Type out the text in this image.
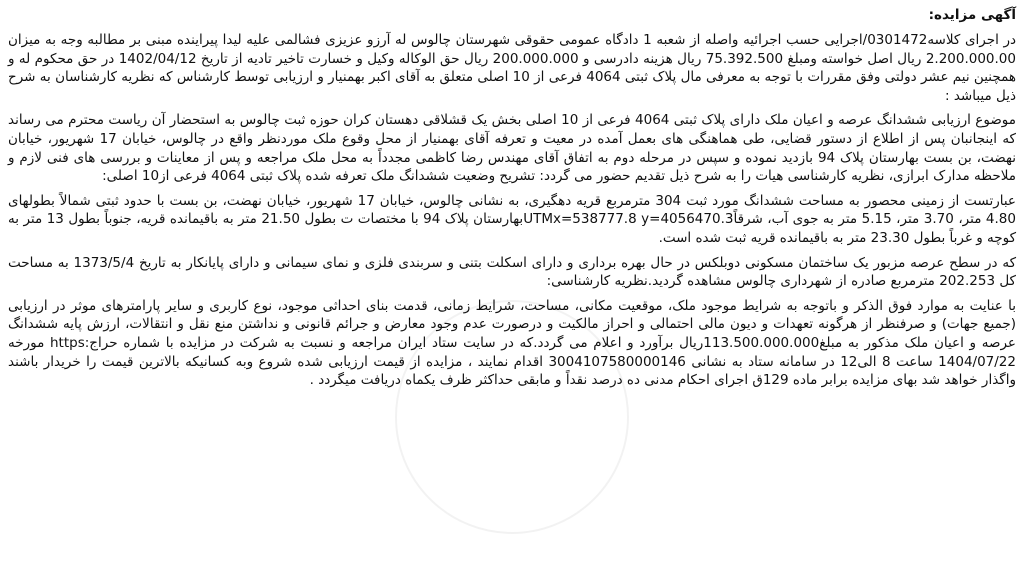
آگهی مزایده:

در اجرای کلاسه0301472/اجرایی حسب اجرائیه واصله از شعبه 1 دادگاه عمومی حقوقی شهرستان چالوس له آرزو عزیزی فشالمی علیه لیدا پیراینده مبنی بر مطالبه وجه به میزان 2.200.000.00 ریال اصل خواسته ومبلغ 75.392.500 ریال هزینه دادرسی و 200.000.000 ریال حق الوکاله وکیل و خسارت تاخیر تادیه از تاریخ 1402/04/12 در حق محکوم له و همچنین نیم عشر دولتی وفق مقررات با توجه به معرفی مال پلاک ثبتی 4064 فرعی از 10 اصلی متعلق به آقای اکبر بهمنیار و ارزیابی توسط کارشناس که نظریه کارشناسان به شرح ذیل میباشد :

موضوع ارزیابی ششدانگ عرصه و اعیان ملک دارای پلاک ثبتی 4064 فرعی از 10 اصلی بخش یک قشلاقی دهستان کران حوزه ثبت چالوس به استحضار آن ریاست محترم می رساند که اینجانبان پس از اطلاع از دستور قضایی، طی هماهنگی های بعمل آمده در معیت و تعرفه آقای بهمنیار از محل وقوع ملک موردنظر واقع در چالوس، خیابان 17 شهریور، خیابان نهضت، بن بست بهارستان پلاک 94 بازدید نموده و سپس در مرحله دوم به اتفاق آقای مهندس رضا کاظمی مجدداً به محل ملک مراجعه و پس از معاینات و بررسی های فنی لازم و ملاحظه مدارک ابرازی، نظریه کارشناسی هیات را به شرح ذیل تقدیم حضور می گردد: تشریح وضعیت ششدانگ ملک تعرفه شده پلاک ثبتی 4064 فرعی از10 اصلی:

عبارتست از زمینی محصور به مساحت ششدانگ مورد ثبت 304 مترمربع قریه دهگیری، به نشانی چالوس، خیابان 17 شهریور، خیابان نهضت، بن بست با حدود ثبتی شمالاً بطولهای 4.80 متر، 3.70 متر، 5.15 متر به جوی آب، شرقاًUTMx=538777.8 y=4056470.3بهارستان پلاک 94 با مختصات ت بطول 21.50 متر به باقیمانده قریه، جنوباً بطول 13 متر به کوچه و غرباً بطول 23.30 متر به باقیمانده قریه ثبت شده است.

که در سطح عرصه مزبور یک ساختمان مسکونی دوبلکس در حال بهره برداری و دارای اسکلت بتنی و سربندی فلزی و نمای سیمانی و دارای پایانکار به تاریخ 1373/5/4 به مساحت کل 202.253 مترمربع صادره از شهرداری چالوس مشاهده گردید.نظریه کارشناسی:

با عنایت به موارد فوق الذکر و باتوجه به شرایط موجود ملک، موقعیت مکانی، مساحت، شرایط زمانی، قدمت بنای احداثی موجود، نوع کاربری و سایر پارامترهای موثر در ارزیابی (جمیع جهات) و صرفنظر از هرگونه تعهدات و دیون مالی احتمالی و احراز مالکیت و درصورت عدم وجود معارض و جرائم قانونی و نداشتن منع نقل و انتقالات، ارزش پایه ششدانگ عرصه و اعیان ملک مذکور به مبلغ113.500.000.000ریال برآورد و اعلام می گردد.که در سایت ستاد ایران مراجعه و نسبت به شرکت در مزایده با شماره حراج:https مورخه 1404/07/22 ساعت 8 الی12 در سامانه ستاد به نشانی 3004107580000146 اقدام نمایند ، مزایده از قیمت ارزیابی شده شروع وبه کسانیکه بالاترین قیمت را خریدار باشند واگذار خواهد شد بهای مزایده برابر ماده 129ق اجرای احکام مدنی ده درصد نقداً و مابقی حداکثر ظرف یکماه دریافت میگردد .
